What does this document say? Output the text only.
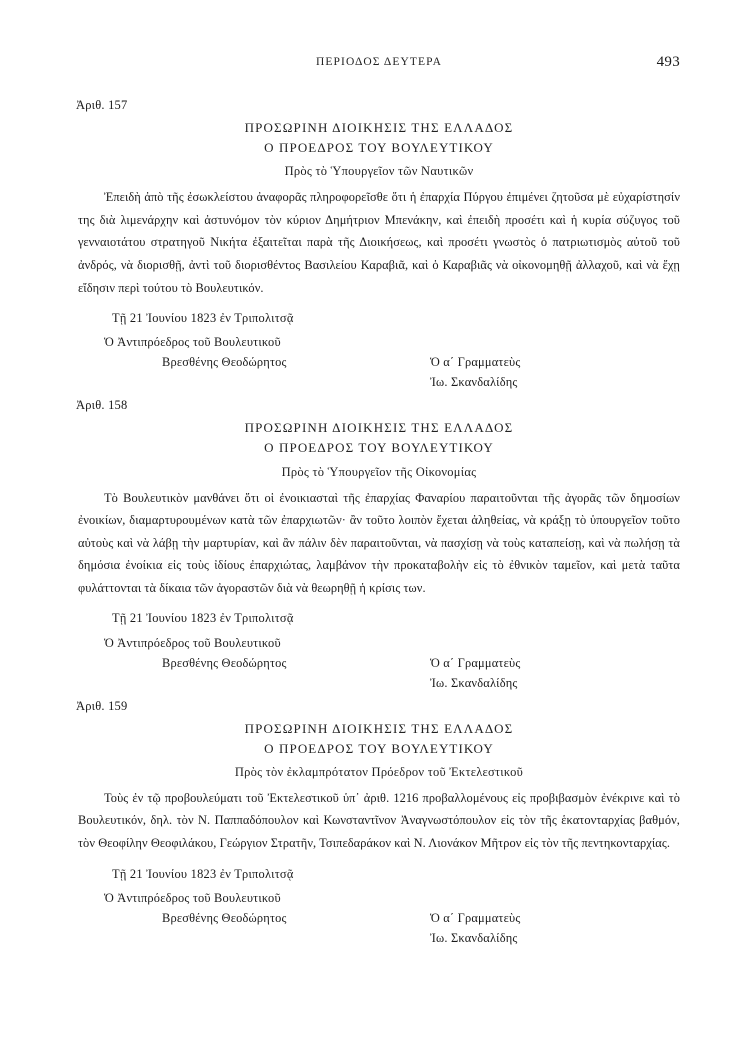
ΠΕΡΙΟΔΟΣ ΔΕΥΤΕΡΑ	493
Ἀριθ. 157
ΠΡΟΣΩΡΙΝΗ ΔΙΟΙΚΗΣΙΣ ΤΗΣ ΕΛΛΑΔΟΣ
Ο ΠΡΟΕΔΡΟΣ ΤΟΥ ΒΟΥΛΕΥΤΙΚΟΥ
Πρὸς τὸ Ὑπουργεῖον τῶν Ναυτικῶν

Ἐπειδὴ ἀπὸ τῆς ἐσωκλείστου ἀναφορᾶς πληροφορεῖσθε ὅτι ἡ ἐπαρχία Πύργου ἐπιμένει ζητοῦσα μὲ εὐχαρίστησίν της διὰ λιμενάρχην καὶ ἀστυνόμον τὸν κύριον Δημήτριον Μπενάκην, καὶ ἐπειδὴ προσέτι καὶ ἡ κυρία σύζυγος τοῦ γενναιοτάτου στρατηγοῦ Νικήτα ἐξαιτεῖται παρὰ τῆς Διοικήσεως, καὶ προσέτι γνωστὸς ὁ πατριωτισμὸς αὐτοῦ τοῦ ἀνδρός, νὰ διορισθῇ, ἀντὶ τοῦ διορισθέντος Βασιλείου Καραβιᾶ, καὶ ὁ Καραβιᾶς νὰ οἰκονομηθῇ ἀλλαχοῦ, καὶ νὰ ἔχῃ εἴδησιν περὶ τούτου τὸ Βουλευτικόν.

Τῇ 21 Ἰουνίου 1823 ἐν Τριπολιτσᾷ
Ὁ Ἀντιπρόεδρος τοῦ Βουλευτικοῦ
Βρεσθένης Θεοδώρητος	Ὁ α΄ Γραμματεὺς
Ἰω. Σκανδαλίδης
Ἀριθ. 158
ΠΡΟΣΩΡΙΝΗ ΔΙΟΙΚΗΣΙΣ ΤΗΣ ΕΛΛΑΔΟΣ
Ο ΠΡΟΕΔΡΟΣ ΤΟΥ ΒΟΥΛΕΥΤΙΚΟΥ
Πρὸς τὸ Ὑπουργεῖον τῆς Οἰκονομίας

Τὸ Βουλευτικὸν μανθάνει ὅτι οἱ ἐνοικιασταὶ τῆς ἐπαρχίας Φαναρίου παραιτοῦνται τῆς ἀγορᾶς τῶν δημοσίων ἐνοικίων, διαμαρτυρουμένων κατὰ τῶν ἐπαρχιωτῶν· ἂν τοῦτο λοιπὸν ἔχεται ἀληθείας, νὰ κράξῃ τὸ ὑπουργεῖον τοῦτο αὐτοὺς καὶ νὰ λάβῃ τὴν μαρτυρίαν, καὶ ἂν πάλιν δὲν παραιτοῦνται, νὰ πασχίσῃ νὰ τοὺς καταπείσῃ, καὶ νὰ πωλήσῃ τὰ δημόσια ἐνοίκια εἰς τοὺς ἰδίους ἐπαρχιώτας, λαμβάνον τὴν προκαταβολὴν εἰς τὸ ἐθνικὸν ταμεῖον, καὶ μετὰ ταῦτα φυλάττονται τὰ δίκαια τῶν ἀγοραστῶν διὰ νὰ θεωρηθῇ ἡ κρίσις των.

Τῇ 21 Ἰουνίου 1823 ἐν Τριπολιτσᾷ
Ὁ Ἀντιπρόεδρος τοῦ Βουλευτικοῦ
Βρεσθένης Θεοδώρητος	Ὁ α΄ Γραμματεὺς
Ἰω. Σκανδαλίδης
Ἀριθ. 159
ΠΡΟΣΩΡΙΝΗ ΔΙΟΙΚΗΣΙΣ ΤΗΣ ΕΛΛΑΔΟΣ
Ο ΠΡΟΕΔΡΟΣ ΤΟΥ ΒΟΥΛΕΥΤΙΚΟΥ
Πρὸς τὸν ἐκλαμπρότατον Πρόεδρον τοῦ Ἐκτελεστικοῦ

Τοὺς ἐν τῷ προβουλεύματι τοῦ Ἐκτελεστικοῦ ὑπ᾿ ἀριθ. 1216 προβαλλομένους εἰς προβιβασμὸν ἐνέκρινε καὶ τὸ Βουλευτικόν, δηλ. τὸν Ν. Παππαδόπουλον καὶ Κωνσταντῖνον Ἀναγνωστόπουλον εἰς τὸν τῆς ἑκατονταρχίας βαθμόν, τὸν Θεοφίλην Θεοφιλάκου, Γεώργιον Στρατῆν, Τσιπεδαράκον καὶ Ν. Λιονάκον Μῆτρον εἰς τὸν τῆς πεντηκονταρχίας.

Τῇ 21 Ἰουνίου 1823 ἐν Τριπολιτσᾷ
Ὁ Ἀντιπρόεδρος τοῦ Βουλευτικοῦ
Βρεσθένης Θεοδώρητος	Ὁ α΄ Γραμματεὺς
Ἰω. Σκανδαλίδης
